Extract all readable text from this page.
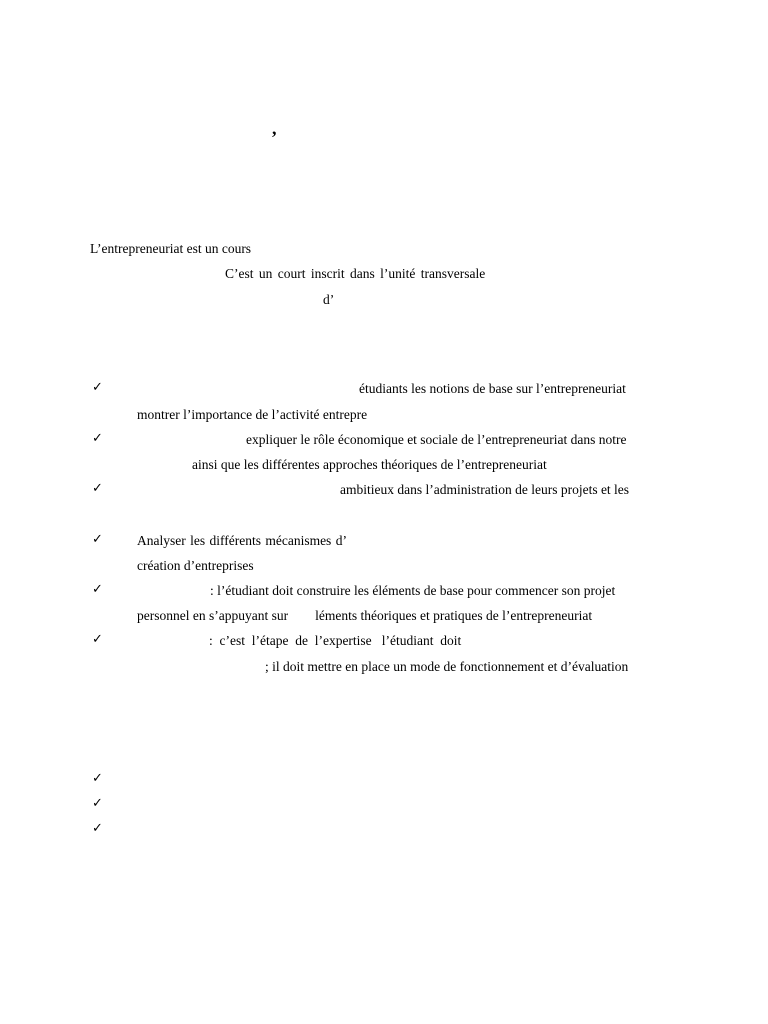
,
L’entrepreneuriat est un cours
C’est un court inscrit dans l’unité transversale
d’
✓	étudiants les notions de base sur l’entrepreneuriat
montrer l’importance de l’activité entrepre
✓	expliquer le rôle économique et sociale de l’entrepreneuriat dans notre
ainsi que les différentes approches théoriques de l’entrepreneuriat
✓	ambitieux dans l’administration de leurs projets et les
✓	Analyser les différents mécanismes d’
création d’entreprises
✓	: l’étudiant doit construire les éléments de base pour commencer son projet
personnel en s’appuyant sur        léments théoriques et pratiques de l’entrepreneuriat
✓	:  c’est  l’étape  de  l’expertise   l’étudiant  doit
; il doit mettre en place un mode de fonctionnement et d’évaluation
✓
✓
✓
